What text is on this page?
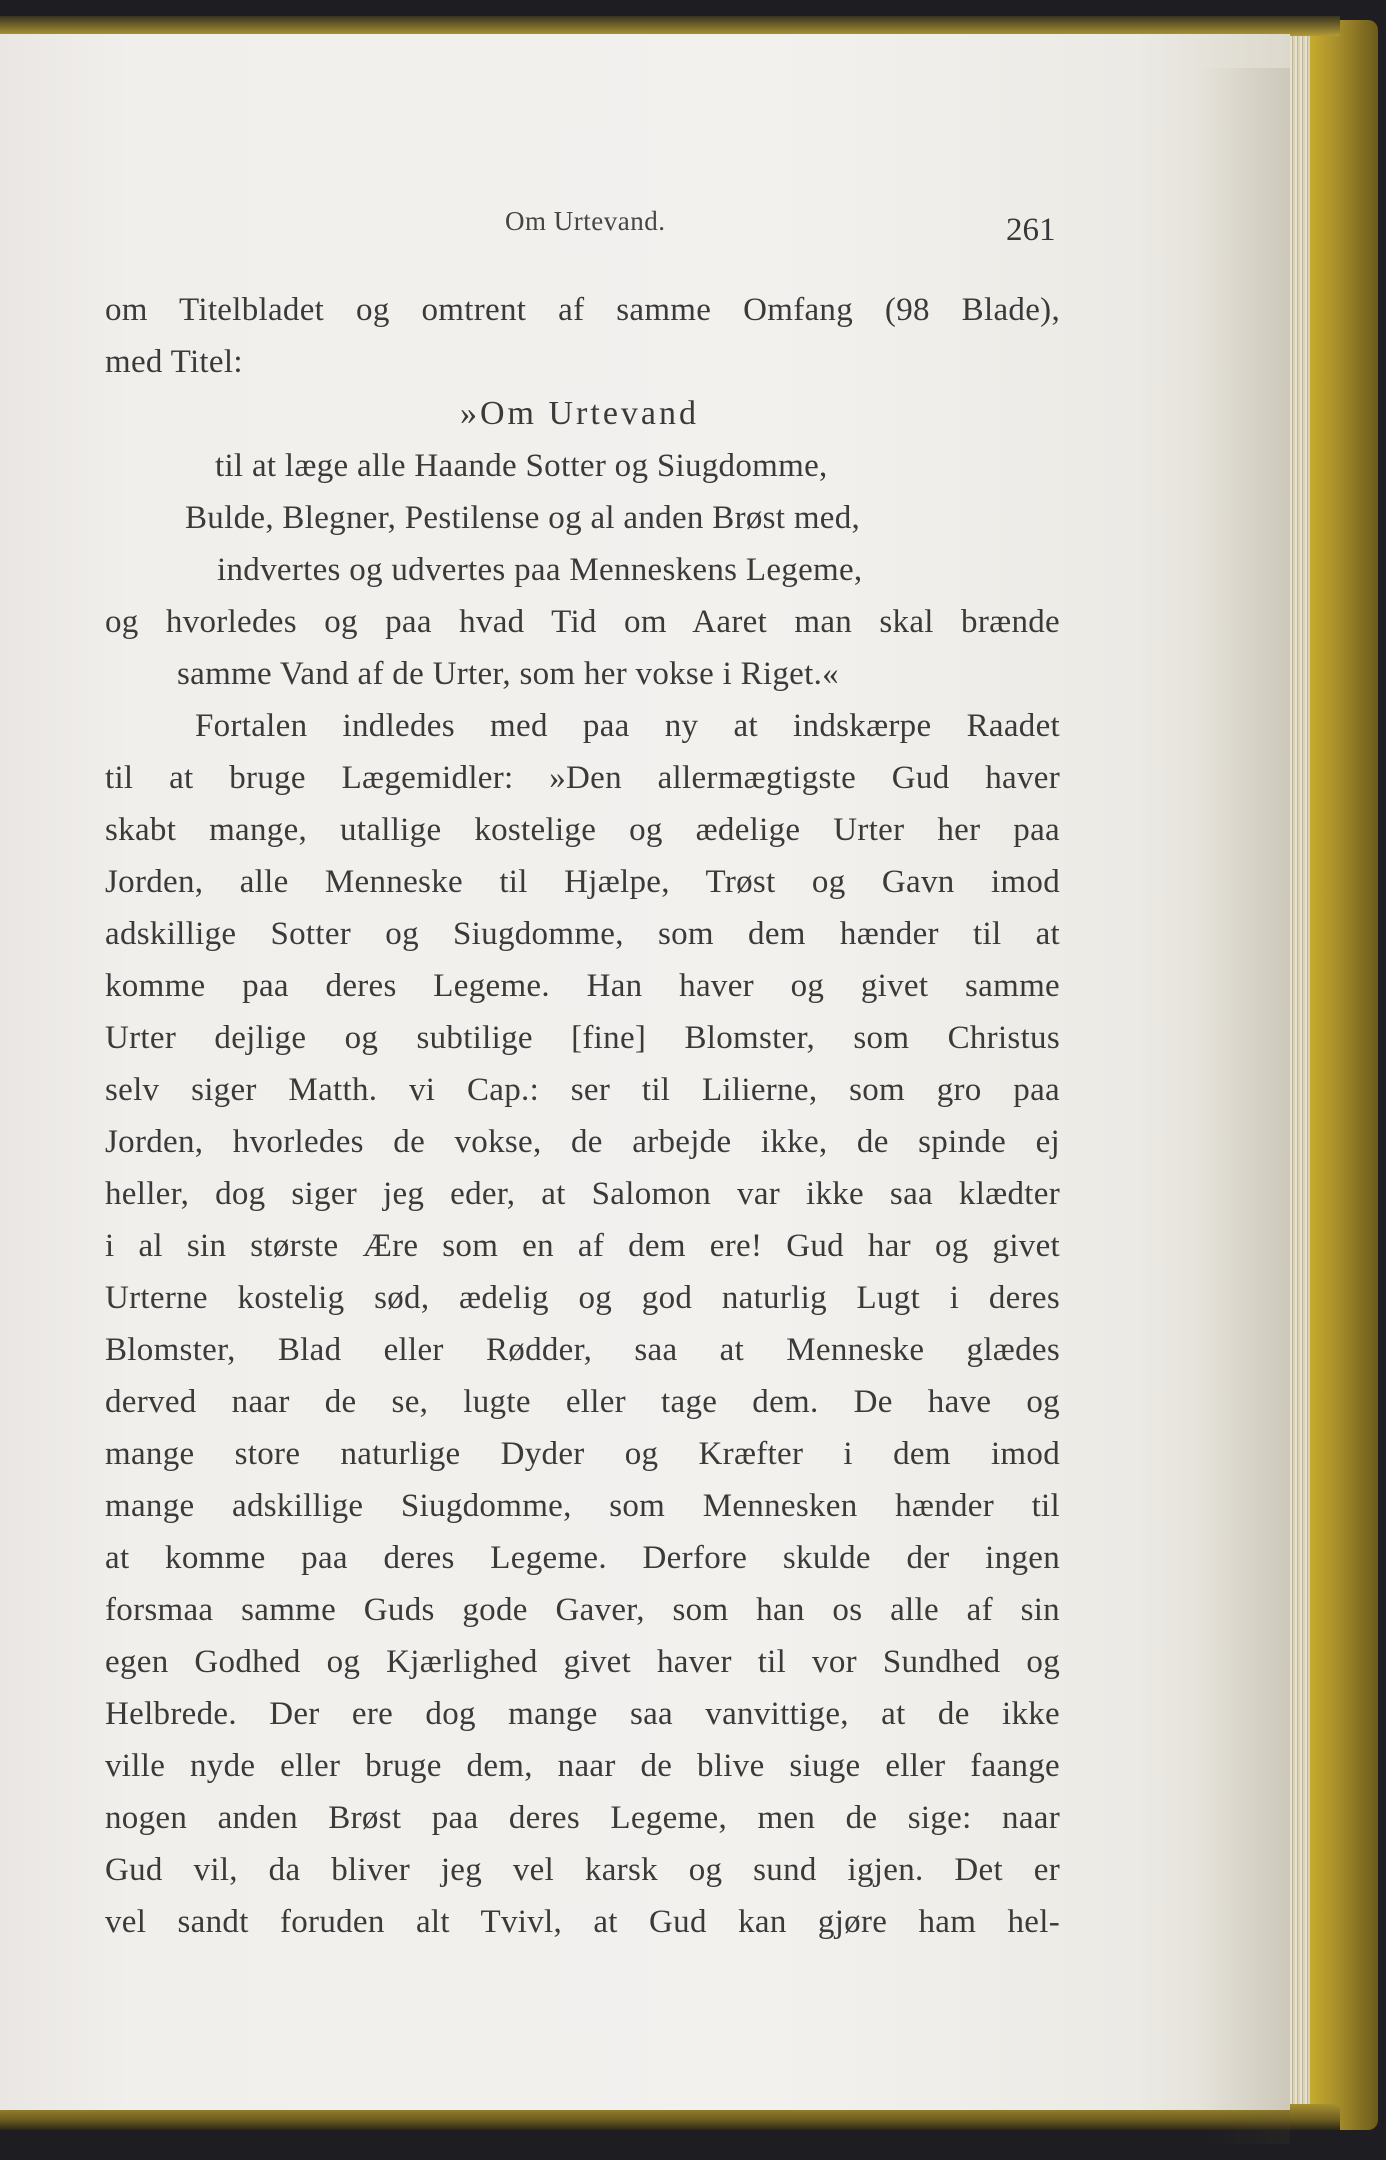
Om Urtevand.	261
om Titelbladet og omtrent af samme Omfang (98 Blade),
med Titel:
»Om Urtevand
til at læge alle Haande Sotter og Siugdomme,
Bulde, Blegner, Pestilense og al anden Brøst med,
indvertes og udvertes paa Menneskens Legeme,
og hvorledes og paa hvad Tid om Aaret man skal brænde
samme Vand af de Urter, som her vokse i Riget.«
Fortalen indledes med paa ny at indskærpe Raadet
til at bruge Lægemidler: »Den allermægtigste Gud haver
skabt mange, utallige kostelige og ædelige Urter her paa
Jorden, alle Menneske til Hjælpe, Trøst og Gavn imod
adskillige Sotter og Siugdomme, som dem hænder til at
komme paa deres Legeme. Han haver og givet samme
Urter dejlige og subtilige [fine] Blomster, som Christus
selv siger Matth. vi Cap.: ser til Lilierne, som gro paa
Jorden, hvorledes de vokse, de arbejde ikke, de spinde ej
heller, dog siger jeg eder, at Salomon var ikke saa klædter
i al sin største Ære som en af dem ere! Gud har og givet
Urterne kostelig sød, ædelig og god naturlig Lugt i deres
Blomster, Blad eller Rødder, saa at Menneske glædes
derved naar de se, lugte eller tage dem. De have og
mange store naturlige Dyder og Kræfter i dem imod
mange adskillige Siugdomme, som Mennesken hænder til
at komme paa deres Legeme. Derfore skulde der ingen
forsmaa samme Guds gode Gaver, som han os alle af sin
egen Godhed og Kjærlighed givet haver til vor Sundhed og
Helbrede. Der ere dog mange saa vanvittige, at de ikke
ville nyde eller bruge dem, naar de blive siuge eller faange
nogen anden Brøst paa deres Legeme, men de sige: naar
Gud vil, da bliver jeg vel karsk og sund igjen. Det er
vel sandt foruden alt Tvivl, at Gud kan gjøre ham hel-
